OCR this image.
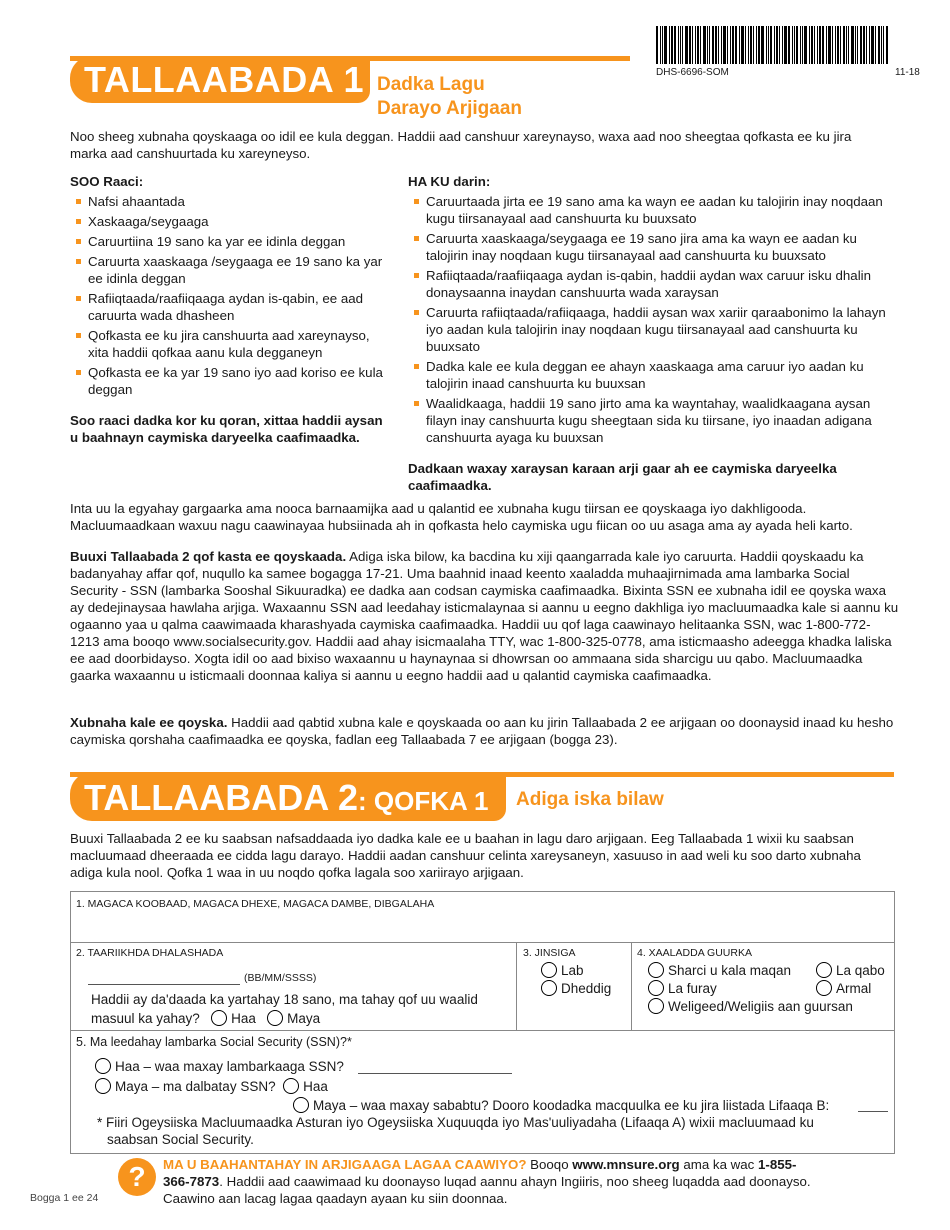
DHS-6696-SOM	11-18
TALLAABADA 1 Dadka Lagu
Darayo Arjigaan

Noo sheeg xubnaha qoyskaaga oo idil ee kula deggan. Haddii aad canshuur xareynayso, waxa aad noo sheegtaa qofkasta ee ku jira marka aad canshuurtada ku xareyneyso.

SOO Raaci:
Nafsi ahaantada
Xaskaaga/seygaaga
Caruurtiina 19 sano ka yar ee idinla deggan
Caruurta xaaskaaga /seygaaga ee 19 sano ka yar ee idinla deggan
Rafiiqtaada/raafiiqaaga aydan is-qabin, ee aad caruurta wada dhasheen
Qofkasta ee ku jira canshuurta aad xareynayso, xita haddii qofkaa aanu kula degganeyn
Qofkasta ee ka yar 19 sano iyo aad koriso ee kula deggan

Soo raaci dadka kor ku qoran, xittaa haddii aysan u baahnayn caymiska daryeelka caafimaadka.

HA KU darin:
Caruurtaada jirta ee 19 sano ama ka wayn ee aadan ku talojirin inay noqdaan kugu tiirsanayaal aad canshuurta ku buuxsato
Caruurta xaaskaaga/seygaaga ee 19 sano jira ama ka wayn ee aadan ku talojirin inay noqdaan kugu tiirsanayaal aad canshuurta ku buuxsato
Rafiiqtaada/raafiiqaaga aydan is-qabin, haddii aydan wax caruur isku dhalin donaysaanna inaydan canshuurta wada xaraysan
Caruurta rafiiqtaada/rafiiqaaga, haddii aysan wax xariir qaraabonimo la lahayn iyo aadan kula talojirin inay noqdaan kugu tiirsanayaal aad canshuurta ku buuxsato
Dadka kale ee kula deggan ee ahayn xaaskaaga ama caruur iyo aadan ku talojirin inaad canshuurta ku buuxsan
Waalidkaaga, haddii 19 sano jirto ama ka wayntahay, waalidkaagana aysan filayn inay canshuurta kugu sheegtaan sida ku tiirsane, iyo inaadan adigana canshuurta ayaga ku buuxsan

Dadkaan waxay xaraysan karaan arji gaar ah ee caymiska daryeelka caafimaadka.

Inta uu la egyahay gargaarka ama nooca barnaamijka aad u qalantid ee xubnaha kugu tiirsan ee qoyskaaga iyo dakhligooda. Macluumaadkaan waxuu nagu caawinayaa hubsiinada ah in qofkasta helo caymiska ugu fiican oo uu asaga ama ay ayada heli karto.

Buuxi Tallaabada 2 qof kasta ee qoyskaada. Adiga iska bilow, ka bacdina ku xiji qaangarrada kale iyo caruurta. Haddii qoyskaadu ka badanyahay affar qof, nuqullo ka samee bogagga 17-21. Uma baahnid inaad keento xaaladda muhaajirnimada ama lambarka Social Security - SSN (lambarka Sooshal Sikuuradka) ee dadka aan codsan caymiska caafimaadka. Bixinta SSN ee xubnaha idil ee qoyska waxa ay dedejinaysaa hawlaha arjiga. Waxaannu SSN aad leedahay isticmalaynaa si aannu u eegno dakhliga iyo macluumaadka kale si aannu ku ogaanno yaa u qalma caawimaada kharashyada caymiska caafimaadka. Haddii uu qof laga caawinayo helitaanka SSN, wac 1-800-772-1213 ama booqo www.socialsecurity.gov. Haddii aad ahay isicmaalaha TTY, wac 1-800-325-0778, ama isticmaasho adeegga khadka laliska ee aad doorbidayso. Xogta idil oo aad bixiso waxaannu u haynaynaa si dhowrsan oo ammaana sida sharcigu uu qabo. Macluumaadka gaarka waxaannu u isticmaali doonnaa kaliya si aannu u eegno haddii aad u qalantid caymiska caafimaadka.

Xubnaha kale ee qoyska. Haddii aad qabtid xubna kale e qoyskaada oo aan ku jirin Tallaabada 2 ee arjigaan oo doonaysid inaad ku hesho caymiska qorshaha caafimaadka ee qoyska, fadlan eeg Tallaabada 7 ee arjigaan (bogga 23).

TALLAABADA 2: QOFKA 1	Adiga iska bilaw

Buuxi Tallaabada 2 ee ku saabsan nafsaddaada iyo dadka kale ee u baahan in lagu daro arjigaan. Eeg Tallaabada 1 wixii ku saabsan macluumaad dheeraada ee cidda lagu darayo. Haddii aadan canshuur celinta xareysaneyn, xasuuso in aad weli ku soo darto xubnaha adiga kula nool. Qofka 1 waa in uu noqdo qofka lagala soo xariirayo arjigaan.

1. MAGACA KOOBAAD, MAGACA DHEXE, MAGACA DAMBE, DIBGALAHA
2. TAARIIKHDA DHALASHADA
(BB/MM/SSSS)
Haddii ay da'daada ka yartahay 18 sano, ma tahay qof uu waalid
masuul ka yahay? Haa Maya
3. JINSIGA
Lab
Dheddig
4. XAALADDA GUURKA
Sharci u kala maqan	La qabo
La furay	Armal
Weligeed/Weligiis aan guursan
5. Ma leedahay lambarka Social Security (SSN)?*
Haa – waa maxay lambarkaaga SSN?
Maya – ma dalbatay SSN? Haa
Maya – waa maxay sababtu? Dooro koodadka macquulka ee ku jira liistada Lifaaqa B:
* Fiiri Ogeysiiska Macluumaadka Asturan iyo Ogeysiiska Xuquuqda iyo Mas'uuliyadaha (Lifaaqa A) wixii macluumaad ku
saabsan Social Security.
?	MA U BAAHANTAHAY IN ARJIGAAGA LAGAA CAAWIYO? Booqo www.mnsure.org ama ka wac 1-855-366-7873. Haddii aad caawimaad ku doonayso luqad aannu ahayn Ingiiris, noo sheeg luqadda aad doonayso. Caawino aan lacag lagaa qaadayn ayaan ku siin doonnaa.
Bogga 1 ee 24
